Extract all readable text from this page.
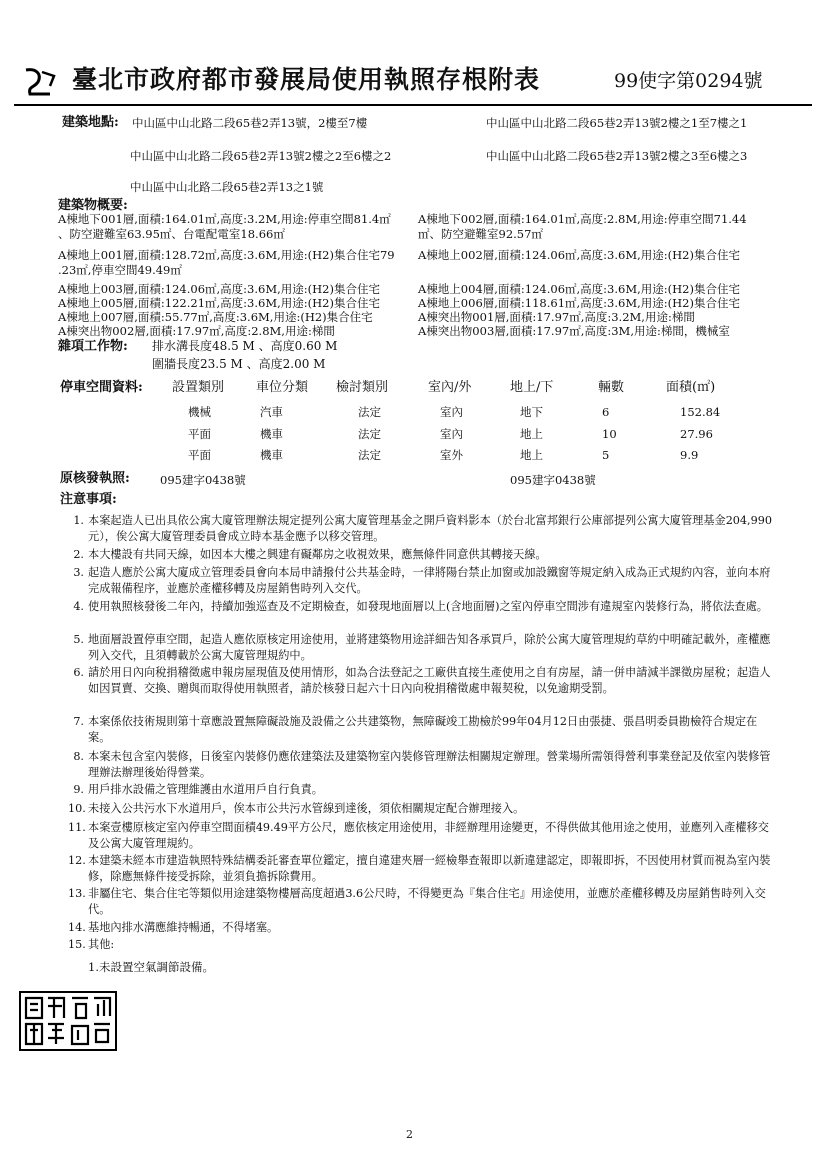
臺北市政府都市發展局使用執照存根附表	99使字第0294號
建築地點: 中山區中山北路二段65巷2弄13號，2樓至7樓	中山區中山北路二段65巷2弄13號2樓之1至7樓之1
中山區中山北路二段65巷2弄13號2樓之2至6樓之2	中山區中山北路二段65巷2弄13號2樓之3至6樓之3
中山區中山北路二段65巷2弄13之1號
建築物概要:
A棟地下001層,面積:164.01㎡,高度:3.2M,用途:停車空間81.4㎡
、防空避難室63.95㎡、台電配電室18.66㎡
A棟地上001層,面積:128.72㎡,高度:3.6M,用途:(H2)集合住宅79
.23㎡,停車空間49.49㎡
A棟地上003層,面積:124.06㎡,高度:3.6M,用途:(H2)集合住宅
A棟地上005層,面積:122.21㎡,高度:3.6M,用途:(H2)集合住宅
A棟地上007層,面積:55.77㎡,高度:3.6M,用途:(H2)集合住宅
A棟突出物002層,面積:17.97㎡,高度:2.8M,用途:梯間
A棟地下002層,面積:164.01㎡,高度:2.8M,用途:停車空間71.44
㎡、防空避難室92.57㎡
A棟地上002層,面積:124.06㎡,高度:3.6M,用途:(H2)集合住宅
A棟地上004層,面積:124.06㎡,高度:3.6M,用途:(H2)集合住宅
A棟地上006層,面積:118.61㎡,高度:3.6M,用途:(H2)集合住宅
A棟突出物001層,面積:17.97㎡,高度:3.2M,用途:梯間
A棟突出物003層,面積:17.97㎡,高度:3M,用途:梯間，機械室
雜項工作物: 排水溝長度48.5 M 、高度0.60 M
圍牆長度23.5 M 、高度2.00 M
停車空間資料: 設置類別 車位分類 檢討類別	室內/外	地上/下	輛數	面積(㎡)
機械	汽車	法定	室內	地下	6	152.84
平面	機車	法定	室內	地上	10	27.96
平面	機車	法定	室外	地上	5	9.9
原核發執照:	095建字0438號	095建字0438號
注意事項:
1. 本案起造人已出具依公寓大廈管理辦法規定提列公寓大廈管理基金之開戶資料影本（於台北富邦銀行公庫部提列公寓大廈管理基金204,990元），俟公寓大廈管理委員會成立時本基金應予以移交管理。
2. 本大樓設有共同天線，如因本大樓之興建有礙鄰房之收視效果，應無條件同意供其轉接天線。
3. 起造人應於公寓大廈成立管理委員會向本局申請撥付公共基金時，一律將陽台禁止加窗或加設鐵窗等規定納入成為正式規約內容，並向本府完成報備程序，並應於產權移轉及房屋銷售時列入交代。
4. 使用執照核發後二年內，持續加強巡查及不定期檢查，如發現地面層以上(含地面層)之室內停車空間涉有違規室內裝修行為，將依法查處。
5. 地面層設置停車空間，起造人應依原核定用途使用，並將建築物用途詳細告知各承買戶，除於公寓大廈管理規約草約中明確記載外，產權應列入交代，且須轉載於公寓大廈管理規約中。
6. 請於用日內向稅捐稽徵處申報房屋現值及使用情形，如為合法登記之工廠供直接生產使用之自有房屋，請一併申請減半課徵房屋稅；起造人如因買賣、交換、贈與而取得使用執照者，請於核發日起六十日內向稅捐稽徵處申報契稅，以免逾期受罰。
7. 本案係依技術規則第十章應設置無障礙設施及設備之公共建築物，無障礙竣工勘檢於99年04月12日由張捷、張昌明委員勘檢符合規定在案。
8. 本案未包含室內裝修，日後室內裝修仍應依建築法及建築物室內裝修管理辦法相關規定辦理。營業場所需領得營利事業登記及依室內裝修管理辦法辦理後始得營業。
9. 用戶排水設備之管理維護由水道用戶自行負責。
10. 未接入公共污水下水道用戶，俟本市公共污水管線到達後，須依相關規定配合辦理接入。
11. 本案壹樓原核定室內停車空間面積49.49平方公尺，應依核定用途使用，非經辦理用途變更，不得供做其他用途之使用，並應列入產權移交及公寓大廈管理規約。
12. 本建築未經本市建造執照特殊結構委託審查單位鑑定，擅自違建夾層一經檢舉查報即以新違建認定，即報即拆，不因使用材質而視為室內裝修，除應無條件接受拆除，並須負擔拆除費用。
13. 非屬住宅、集合住宅等類似用途建築物樓層高度超過3.6公尺時，不得變更為『集合住宅』用途使用，並應於產權移轉及房屋銷售時列入交代。
14. 基地內排水溝應維持暢通，不得堵塞。
15. 其他:
1.未設置空氣調節設備。
2
